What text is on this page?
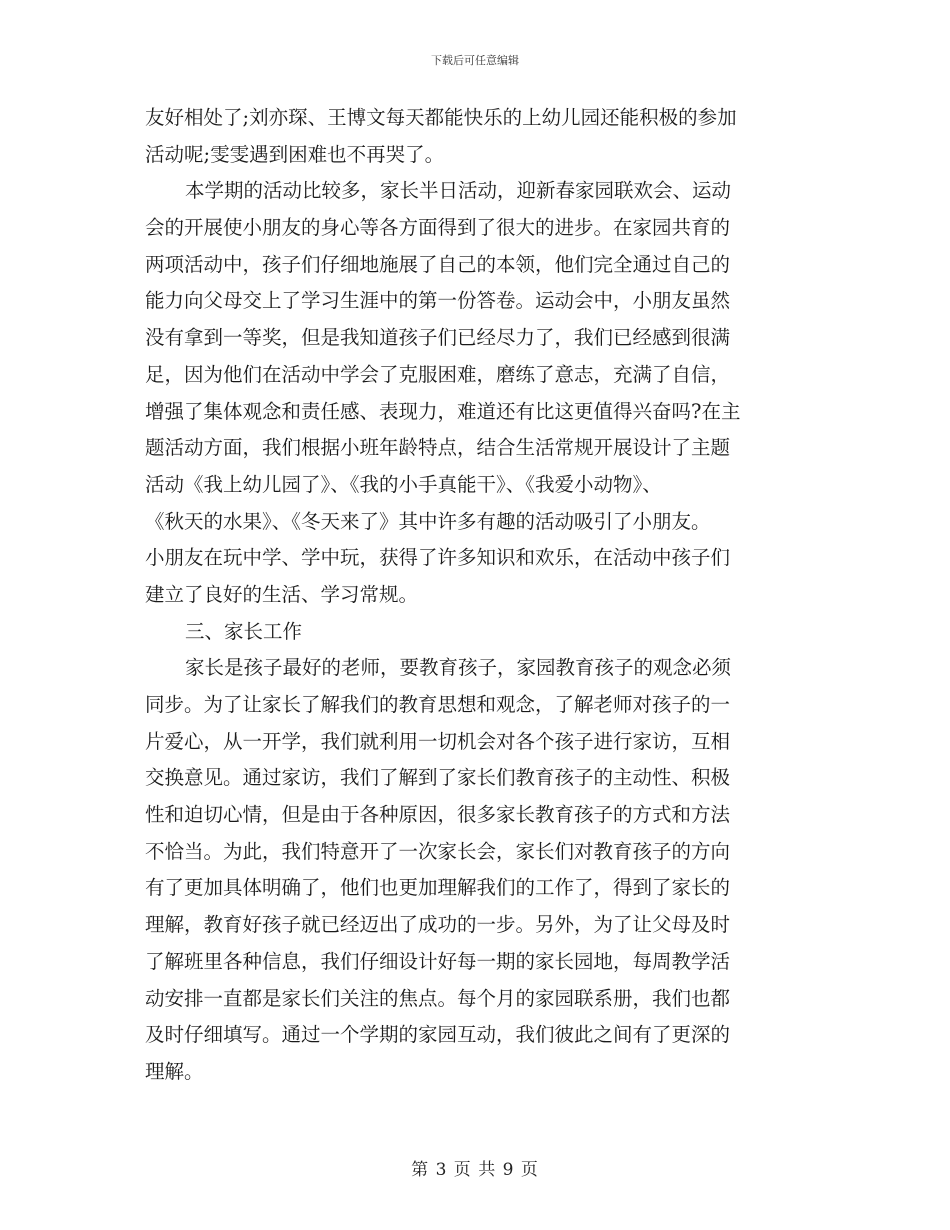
下载后可任意编辑
友好相处了;刘亦琛、王博文每天都能快乐的上幼儿园还能积极的参加
活动呢;雯雯遇到困难也不再哭了。
本学期的活动比较多，家长半日活动，迎新春家园联欢会、运动
会的开展使小朋友的身心等各方面得到了很大的进步。在家园共育的
两项活动中，孩子们仔细地施展了自己的本领，他们完全通过自己的
能力向父母交上了学习生涯中的第一份答卷。运动会中，小朋友虽然
没有拿到一等奖，但是我知道孩子们已经尽力了，我们已经感到很满
足，因为他们在活动中学会了克服困难，磨练了意志，充满了自信，
增强了集体观念和责任感、表现力，难道还有比这更值得兴奋吗?在主
题活动方面，我们根据小班年龄特点，结合生活常规开展设计了主题
活动《我上幼儿园了》、《我的小手真能干》、《我爱小动物》、
《秋天的水果》、《冬天来了》其中许多有趣的活动吸引了小朋友。
小朋友在玩中学、学中玩，获得了许多知识和欢乐，在活动中孩子们
建立了良好的生活、学习常规。
三、家长工作
家长是孩子最好的老师，要教育孩子，家园教育孩子的观念必须
同步。为了让家长了解我们的教育思想和观念，了解老师对孩子的一
片爱心，从一开学，我们就利用一切机会对各个孩子进行家访，互相
交换意见。通过家访，我们了解到了家长们教育孩子的主动性、积极
性和迫切心情，但是由于各种原因，很多家长教育孩子的方式和方法
不恰当。为此，我们特意开了一次家长会，家长们对教育孩子的方向
有了更加具体明确了，他们也更加理解我们的工作了，得到了家长的
理解，教育好孩子就已经迈出了成功的一步。另外，为了让父母及时
了解班里各种信息，我们仔细设计好每一期的家长园地，每周教学活
动安排一直都是家长们关注的焦点。每个月的家园联系册，我们也都
及时仔细填写。通过一个学期的家园互动，我们彼此之间有了更深的
理解。
第 3 页 共 9 页
